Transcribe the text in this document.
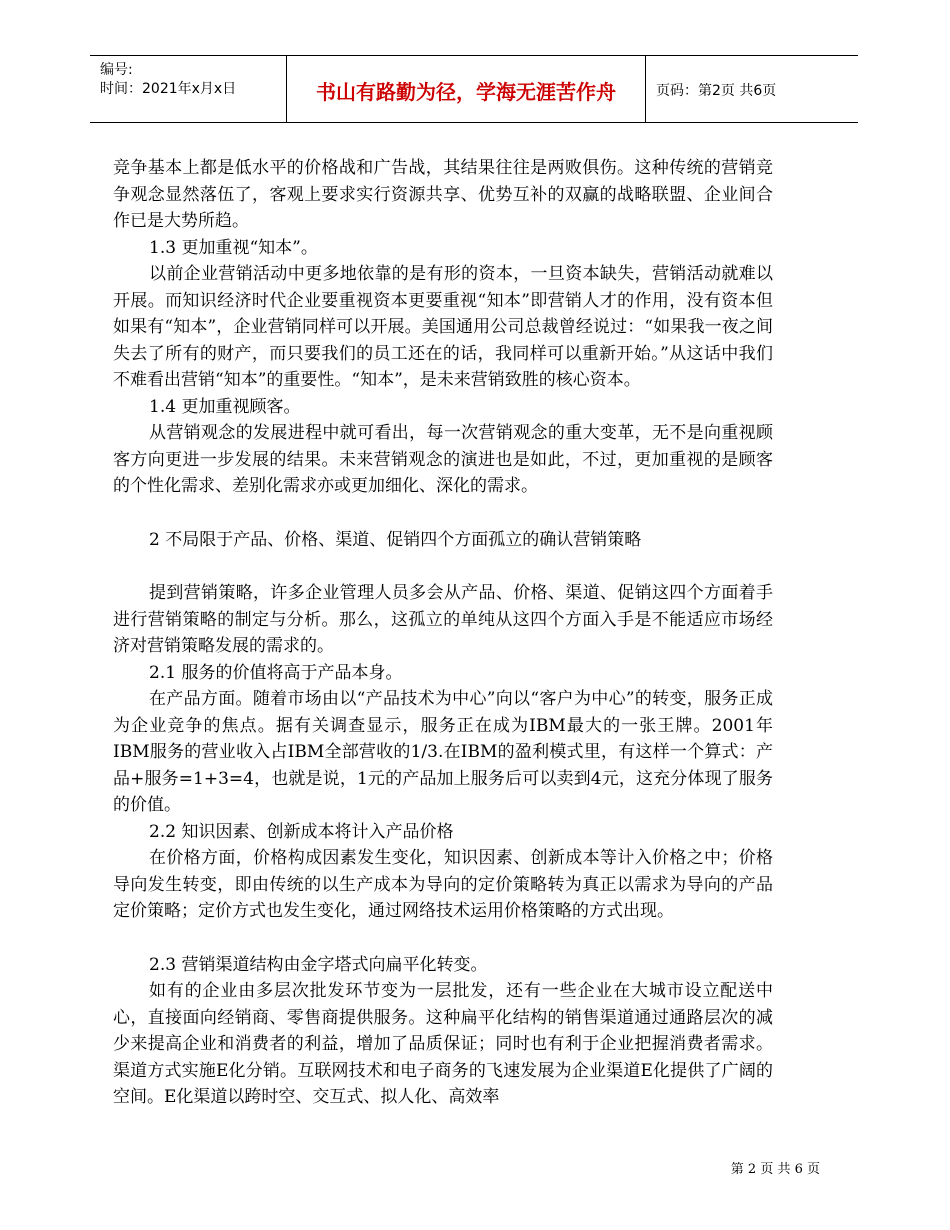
编号:
时间：2021年x月x日	书山有路勤为径，学海无涯苦作舟	页码：第2页 共6页

竞争基本上都是低水平的价格战和广告战，其结果往往是两败俱伤。这种传统的营销竞争观念显然落伍了，客观上要求实行资源共享、优势互补的双赢的战略联盟、企业间合作已是大势所趋。

1.3 更加重视“知本”。

以前企业营销活动中更多地依靠的是有形的资本，一旦资本缺失，营销活动就难以开展。而知识经济时代企业要重视资本更要重视“知本”即营销人才的作用，没有资本但如果有“知本”，企业营销同样可以开展。美国通用公司总裁曾经说过：“如果我一夜之间失去了所有的财产，而只要我们的员工还在的话，我同样可以重新开始。”从这话中我们不难看出营销“知本”的重要性。“知本”，是未来营销致胜的核心资本。

1.4 更加重视顾客。

从营销观念的发展进程中就可看出，每一次营销观念的重大变革，无不是向重视顾客方向更进一步发展的结果。未来营销观念的演进也是如此，不过，更加重视的是顾客的个性化需求、差别化需求亦或更加细化、深化的需求。

2 不局限于产品、价格、渠道、促销四个方面孤立的确认营销策略

提到营销策略，许多企业管理人员多会从产品、价格、渠道、促销这四个方面着手进行营销策略的制定与分析。那么，这孤立的单纯从这四个方面入手是不能适应市场经济对营销策略发展的需求的。

2.1 服务的价值将高于产品本身。

在产品方面。随着市场由以“产品技术为中心”向以“客户为中心”的转变，服务正成为企业竞争的焦点。据有关调查显示，服务正在成为IBM最大的一张王牌。2001年IBM服务的营业收入占IBM全部营收的1/3.在IBM的盈利模式里，有这样一个算式：产品+服务=1+3=4，也就是说，1元的产品加上服务后可以卖到4元，这充分体现了服务的价值。

2.2 知识因素、创新成本将计入产品价格

在价格方面，价格构成因素发生变化，知识因素、创新成本等计入价格之中；价格导向发生转变，即由传统的以生产成本为导向的定价策略转为真正以需求为导向的产品定价策略；定价方式也发生变化，通过网络技术运用价格策略的方式出现。

2.3 营销渠道结构由金字塔式向扁平化转变。

如有的企业由多层次批发环节变为一层批发，还有一些企业在大城市设立配送中心，直接面向经销商、零售商提供服务。这种扁平化结构的销售渠道通过通路层次的减少来提高企业和消费者的利益，增加了品质保证；同时也有利于企业把握消费者需求。渠道方式实施E化分销。互联网技术和电子商务的飞速发展为企业渠道E化提供了广阔的空间。E化渠道以跨时空、交互式、拟人化、高效率

第 2 页 共 6 页
